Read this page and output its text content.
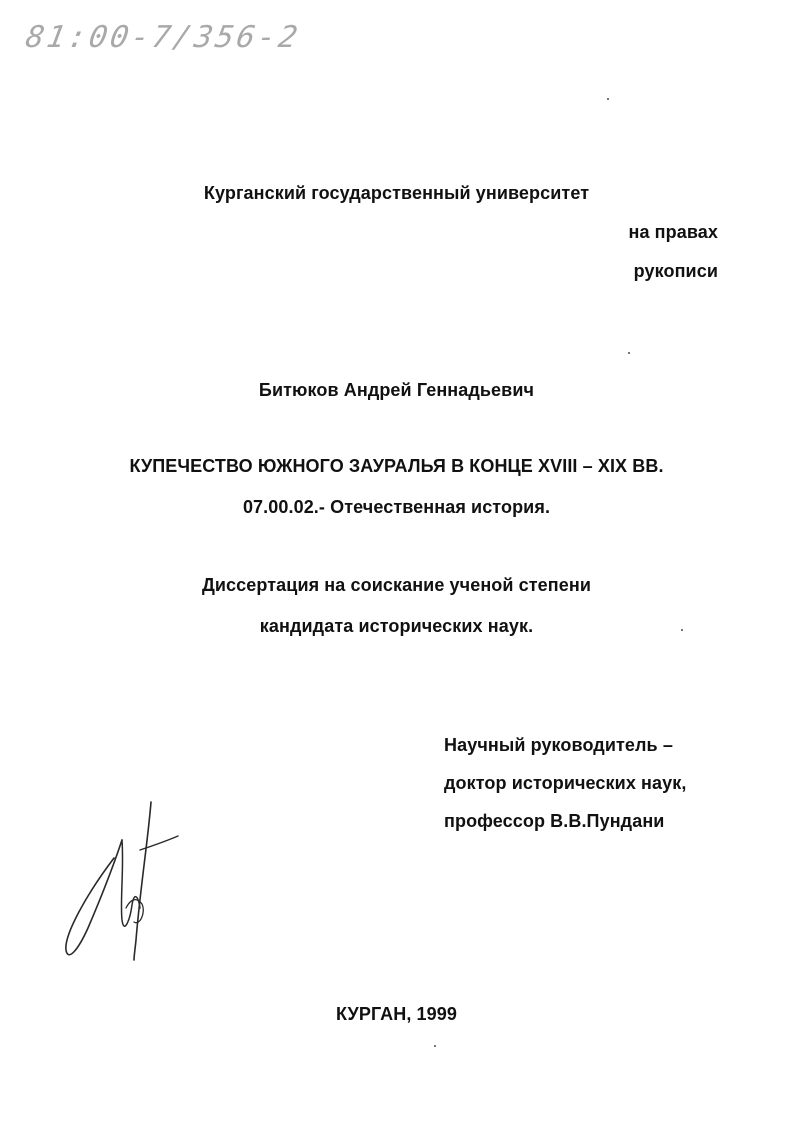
81:00-7/356-2
Курганский государственный университет
на правах
рукописи
Битюков Андрей Геннадьевич
КУПЕЧЕСТВО ЮЖНОГО ЗАУРАЛЬЯ В КОНЦЕ XVIII – XIX ВВ.
07.00.02.- Отечественная история.
Диссертация на соискание ученой степени
кандидата исторических наук.
Научный руководитель –
доктор исторических наук,
профессор В.В.Пундани
КУРГАН, 1999
